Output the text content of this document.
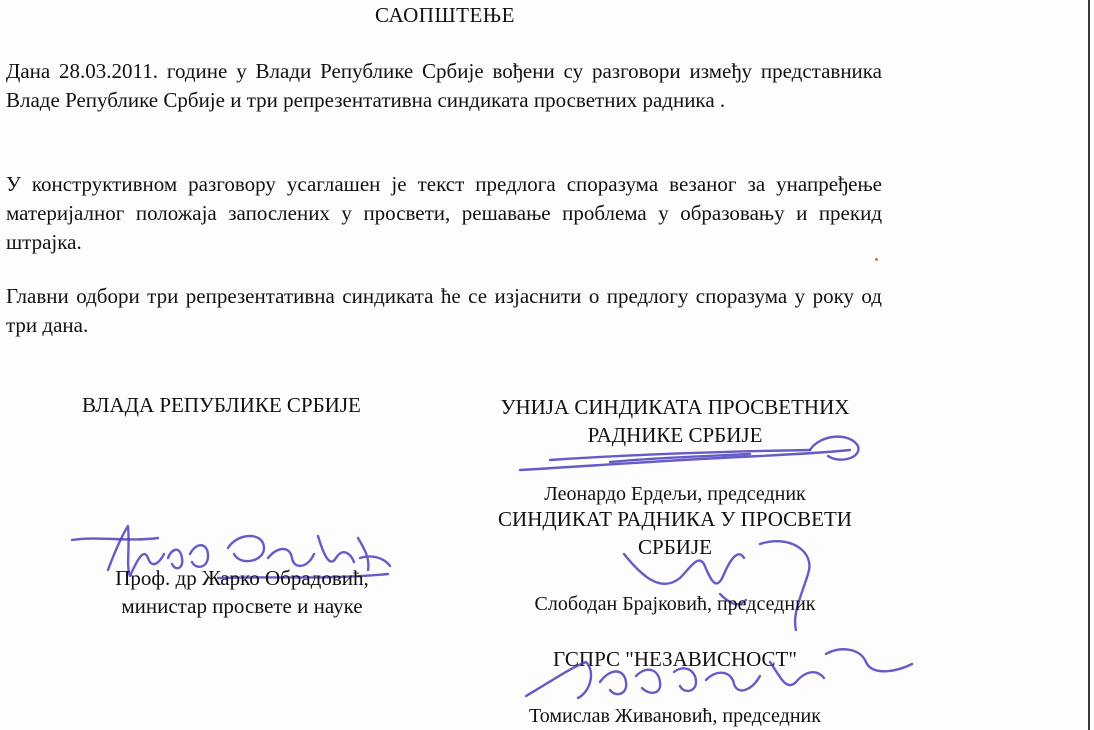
САОПШТЕЊЕ

Дана 28.03.2011. године у Влади Републике Србије вођени су разговори између представника Владе Републике Србије и три репрезентативна синдиката просветних радника .

У конструктивном разговору усаглашен је текст предлога споразума везаног за унапређење материјалног положаја запослених у просвети, решавање проблема у образовању и прекид штрајка.

Главни одбори три репрезентативна синдиката ће се изјаснити о предлогу споразума у року од три дана.

ВЛАДА РЕПУБЛИКЕ СРБИЈЕ
Проф. др Жарко Обрадовић,
министар просвете и науке
УНИЈА СИНДИКАТА ПРОСВЕТНИХ
РАДНИКЕ СРБИЈЕ
Леонардо Ердељи, председник
СИНДИКАТ РАДНИКА У ПРОСВЕТИ
СРБИЈЕ
Слободан Брајковић, председник
ГСПРС "НЕЗАВИСНОСТ"
Томислав Живановић, председник
